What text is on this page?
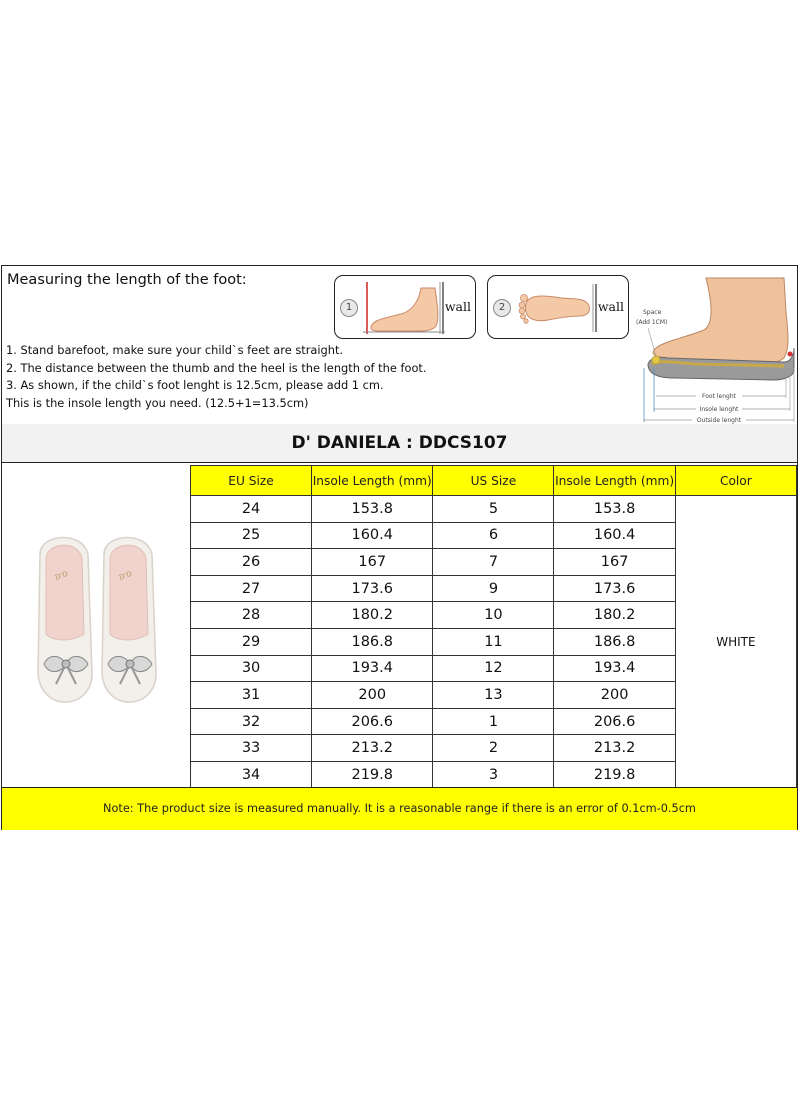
Measuring the length of the foot:
1	wall	2	wall	Space
(Add 1CM)
Foot lenght
Insole lenght
Outside lenght
1. Stand barefoot, make sure your child`s feet are straight.
2. The distance between the thumb and the heel is the length of the foot.
3. As shown, if the child`s foot lenght is 12.5cm, please add 1 cm.
This is the insole length you need. (12.5+1=13.5cm)
D' DANIELA : DDCS107
D'D	D'D
EU Size	Insole Length (mm)	US Size	Insole Length (mm)	Color
24	153.8	5	153.8	WHITE
25	160.4	6	160.4	
26	167	7	167	
27	173.6	9	173.6	
28	180.2	10	180.2	
29	186.8	11	186.8	
30	193.4	12	193.4	
31	200	13	200	
32	206.6	1	206.6	
33	213.2	2	213.2	
34	219.8	3	219.8	
Note: The product size is measured manually. It is a reasonable range if there is an error of 0.1cm-0.5cm
